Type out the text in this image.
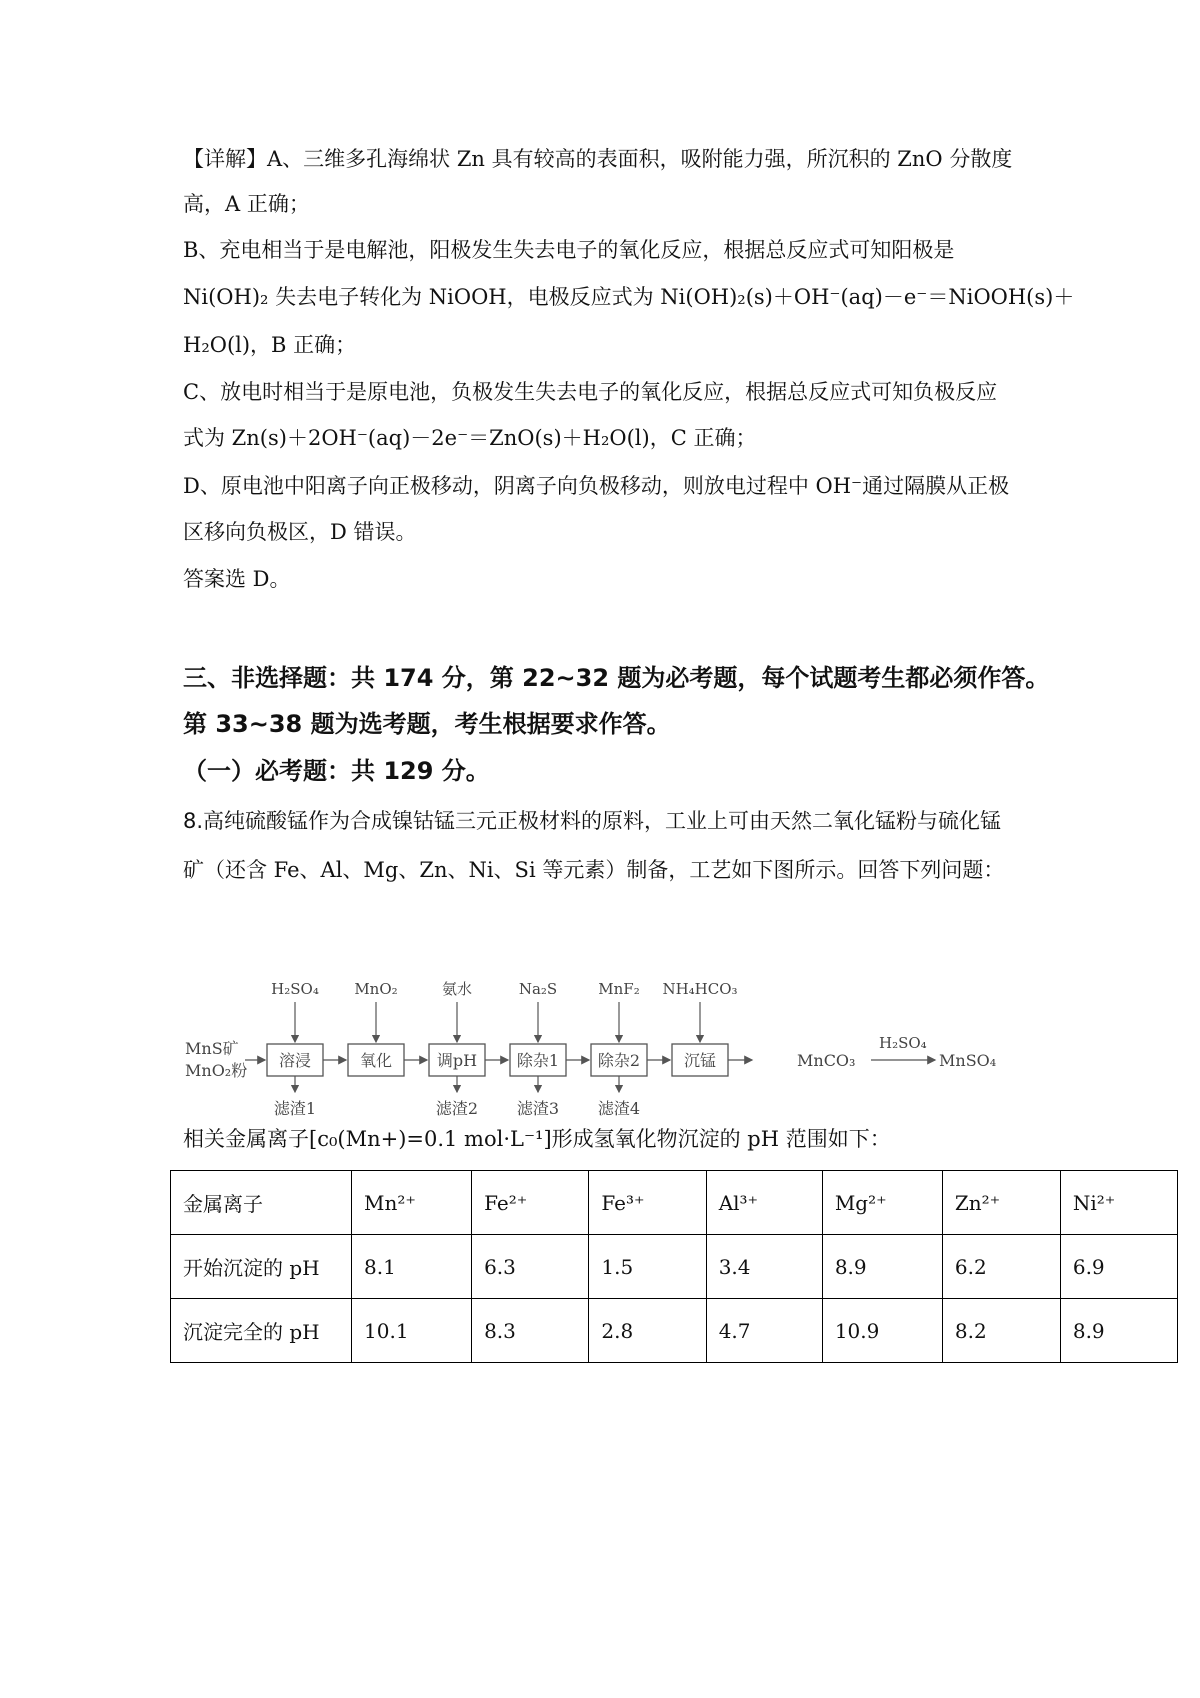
【详解】A、三维多孔海绵状 Zn 具有较高的表面积，吸附能力强，所沉积的 ZnO 分散度
高，A 正确；
B、充电相当于是电解池，阳极发生失去电子的氧化反应，根据总反应式可知阳极是
Ni(OH)₂ 失去电子转化为 NiOOH，电极反应式为 Ni(OH)₂(s)＋OH⁻(aq)－e⁻＝NiOOH(s)＋
H₂O(l)，B 正确；
C、放电时相当于是原电池，负极发生失去电子的氧化反应，根据总反应式可知负极反应
式为 Zn(s)＋2OH⁻(aq)－2e⁻＝ZnO(s)＋H₂O(l)，C 正确；
D、原电池中阳离子向正极移动，阴离子向负极移动，则放电过程中 OH⁻通过隔膜从正极
区移向负极区，D 错误。
答案选 D。
三、非选择题：共 174 分，第 22~32 题为必考题，每个试题考生都必须作答。
第 33~38 题为选考题，考生根据要求作答。
（一）必考题：共 129 分。
8.高纯硫酸锰作为合成镍钴锰三元正极材料的原料，工业上可由天然二氧化锰粉与硫化锰
矿（还含 Fe、Al、Mg、Zn、Ni、Si 等元素）制备，工艺如下图所示。回答下列问题：
MnS矿
MnO₂粉
溶浸
H₂SO₄
滤渣1
氧化
MnO₂
调pH
氨水
滤渣2
除杂1
Na₂S
滤渣3
除杂2
MnF₂
滤渣4
沉锰
NH₄HCO₃
MnCO₃
H₂SO₄
MnSO₄
相关金属离子[c₀(Mn+)=0.1 mol·L⁻¹]形成氢氧化物沉淀的 pH 范围如下：
金属离子	Mn²⁺	Fe²⁺	Fe³⁺	Al³⁺	Mg²⁺	Zn²⁺	Ni²⁺
开始沉淀的 pH	8.1	6.3	1.5	3.4	8.9	6.2	6.9
沉淀完全的 pH	10.1	8.3	2.8	4.7	10.9	8.2	8.9
